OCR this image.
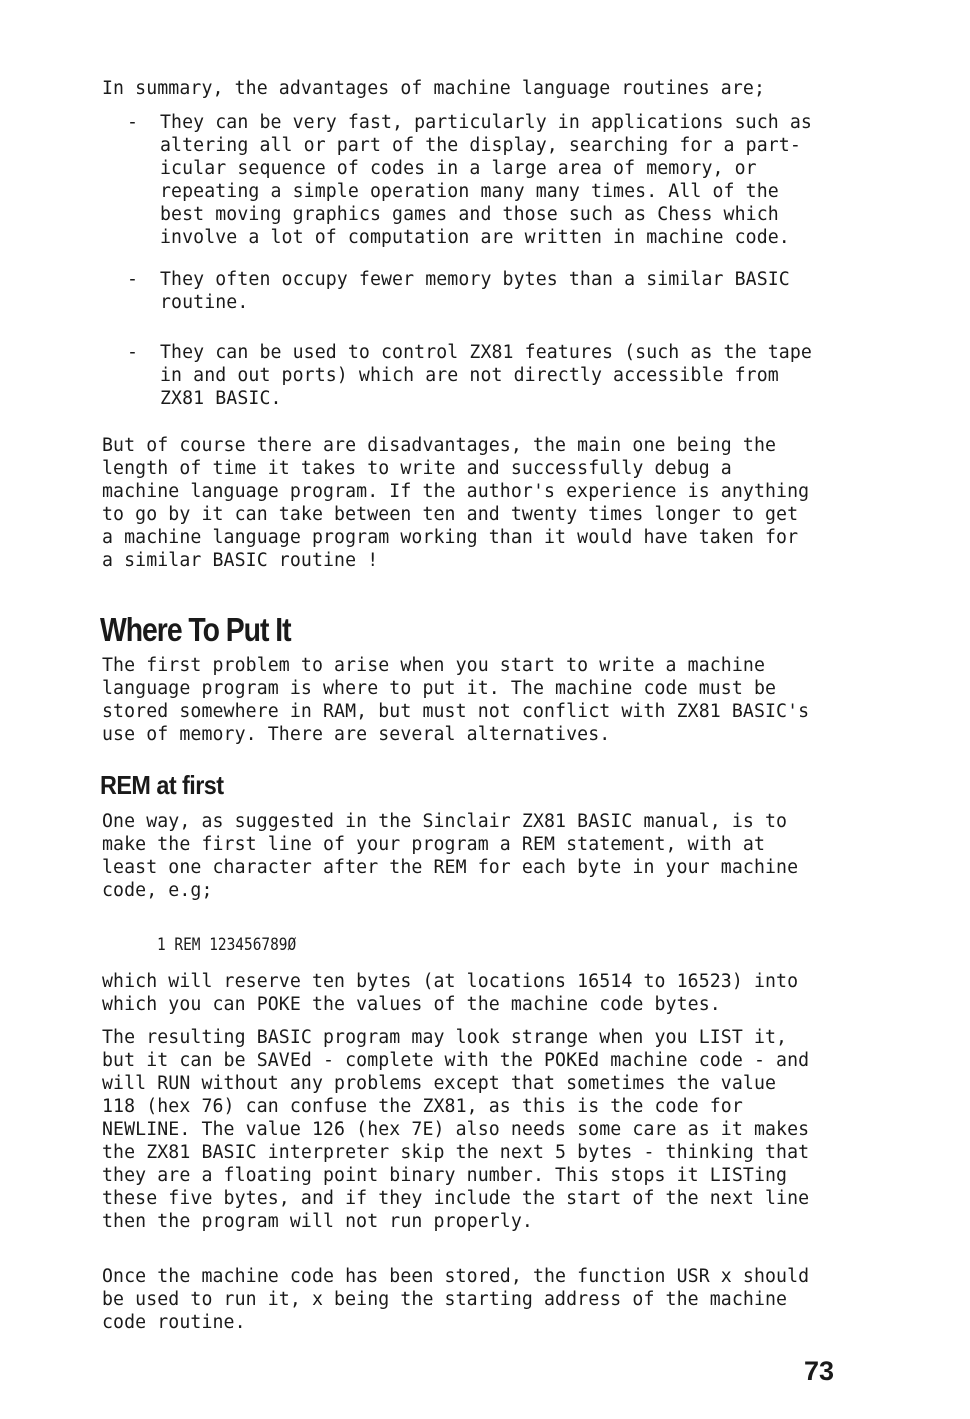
In summary, the advantages of machine language routines are;
- They can be very fast, particularly in applications such as
altering all or part of the display, searching for a part-
icular sequence of codes in a large area of memory, or
repeating a simple operation many many times. All of the
best moving graphics games and those such as Chess which
involve a lot of computation are written in machine code.
- They often occupy fewer memory bytes than a similar BASIC
routine.
- They can be used to control ZX81 features (such as the tape
in and out ports) which are not directly accessible from
ZX81 BASIC.
But of course there are disadvantages, the main one being the
length of time it takes to write and successfully debug a
machine language program. If the author's experience is anything
to go by it can take between ten and twenty times longer to get
a machine language program working than it would have taken for
a similar BASIC routine !
Where To Put It
The first problem to arise when you start to write a machine
language program is where to put it. The machine code must be
stored somewhere in RAM, but must not conflict with ZX81 BASIC's
use of memory. There are several alternatives.
REM at first
One way, as suggested in the Sinclair ZX81 BASIC manual, is to
make the first line of your program a REM statement, with at
least one character after the REM for each byte in your machine
code, e.g;
1 REM 123456789Ø
which will reserve ten bytes (at locations 16514 to 16523) into
which you can POKE the values of the machine code bytes.
The resulting BASIC program may look strange when you LIST it,
but it can be SAVEd - complete with the POKEd machine code - and
will RUN without any problems except that sometimes the value
118 (hex 76) can confuse the ZX81, as this is the code for
NEWLINE. The value 126 (hex 7E) also needs some care as it makes
the ZX81 BASIC interpreter skip the next 5 bytes - thinking that
they are a floating point binary number. This stops it LISTing
these five bytes, and if they include the start of the next line
then the program will not run properly.
Once the machine code has been stored, the function USR x should
be used to run it, x being the starting address of the machine
code routine.
73
